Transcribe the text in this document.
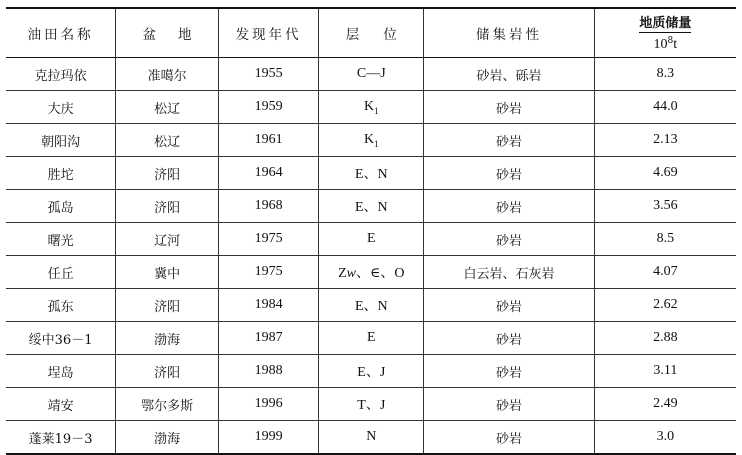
油田名称	盆地	发现年代	层位	储集岩性	地质储量
$10^8t$

克拉玛依	准噶尔	1955	C—J	砂岩、砾岩	8.3
大庆	松辽	1959	$K_1$	砂岩	44.0
朝阳沟	松辽	1961	$K_1$	砂岩	2.13
胜坨	济阳	1964	E、N	砂岩	4.69
孤岛	济阳	1968	E、N	砂岩	3.56
曙光	辽河	1975	E	砂岩	8.5
任丘	冀中	1975	Zw、∈、O	白云岩、石灰岩	4.07
孤东	济阳	1984	E、N	砂岩	2.62
绥中36－1	渤海	1987	E	砂岩	2.88
埕岛	济阳	1988	E、J	砂岩	3.11
靖安	鄂尔多斯	1996	T、J	砂岩	2.49
蓬莱19－3	渤海	1999	N	砂岩	3.0
